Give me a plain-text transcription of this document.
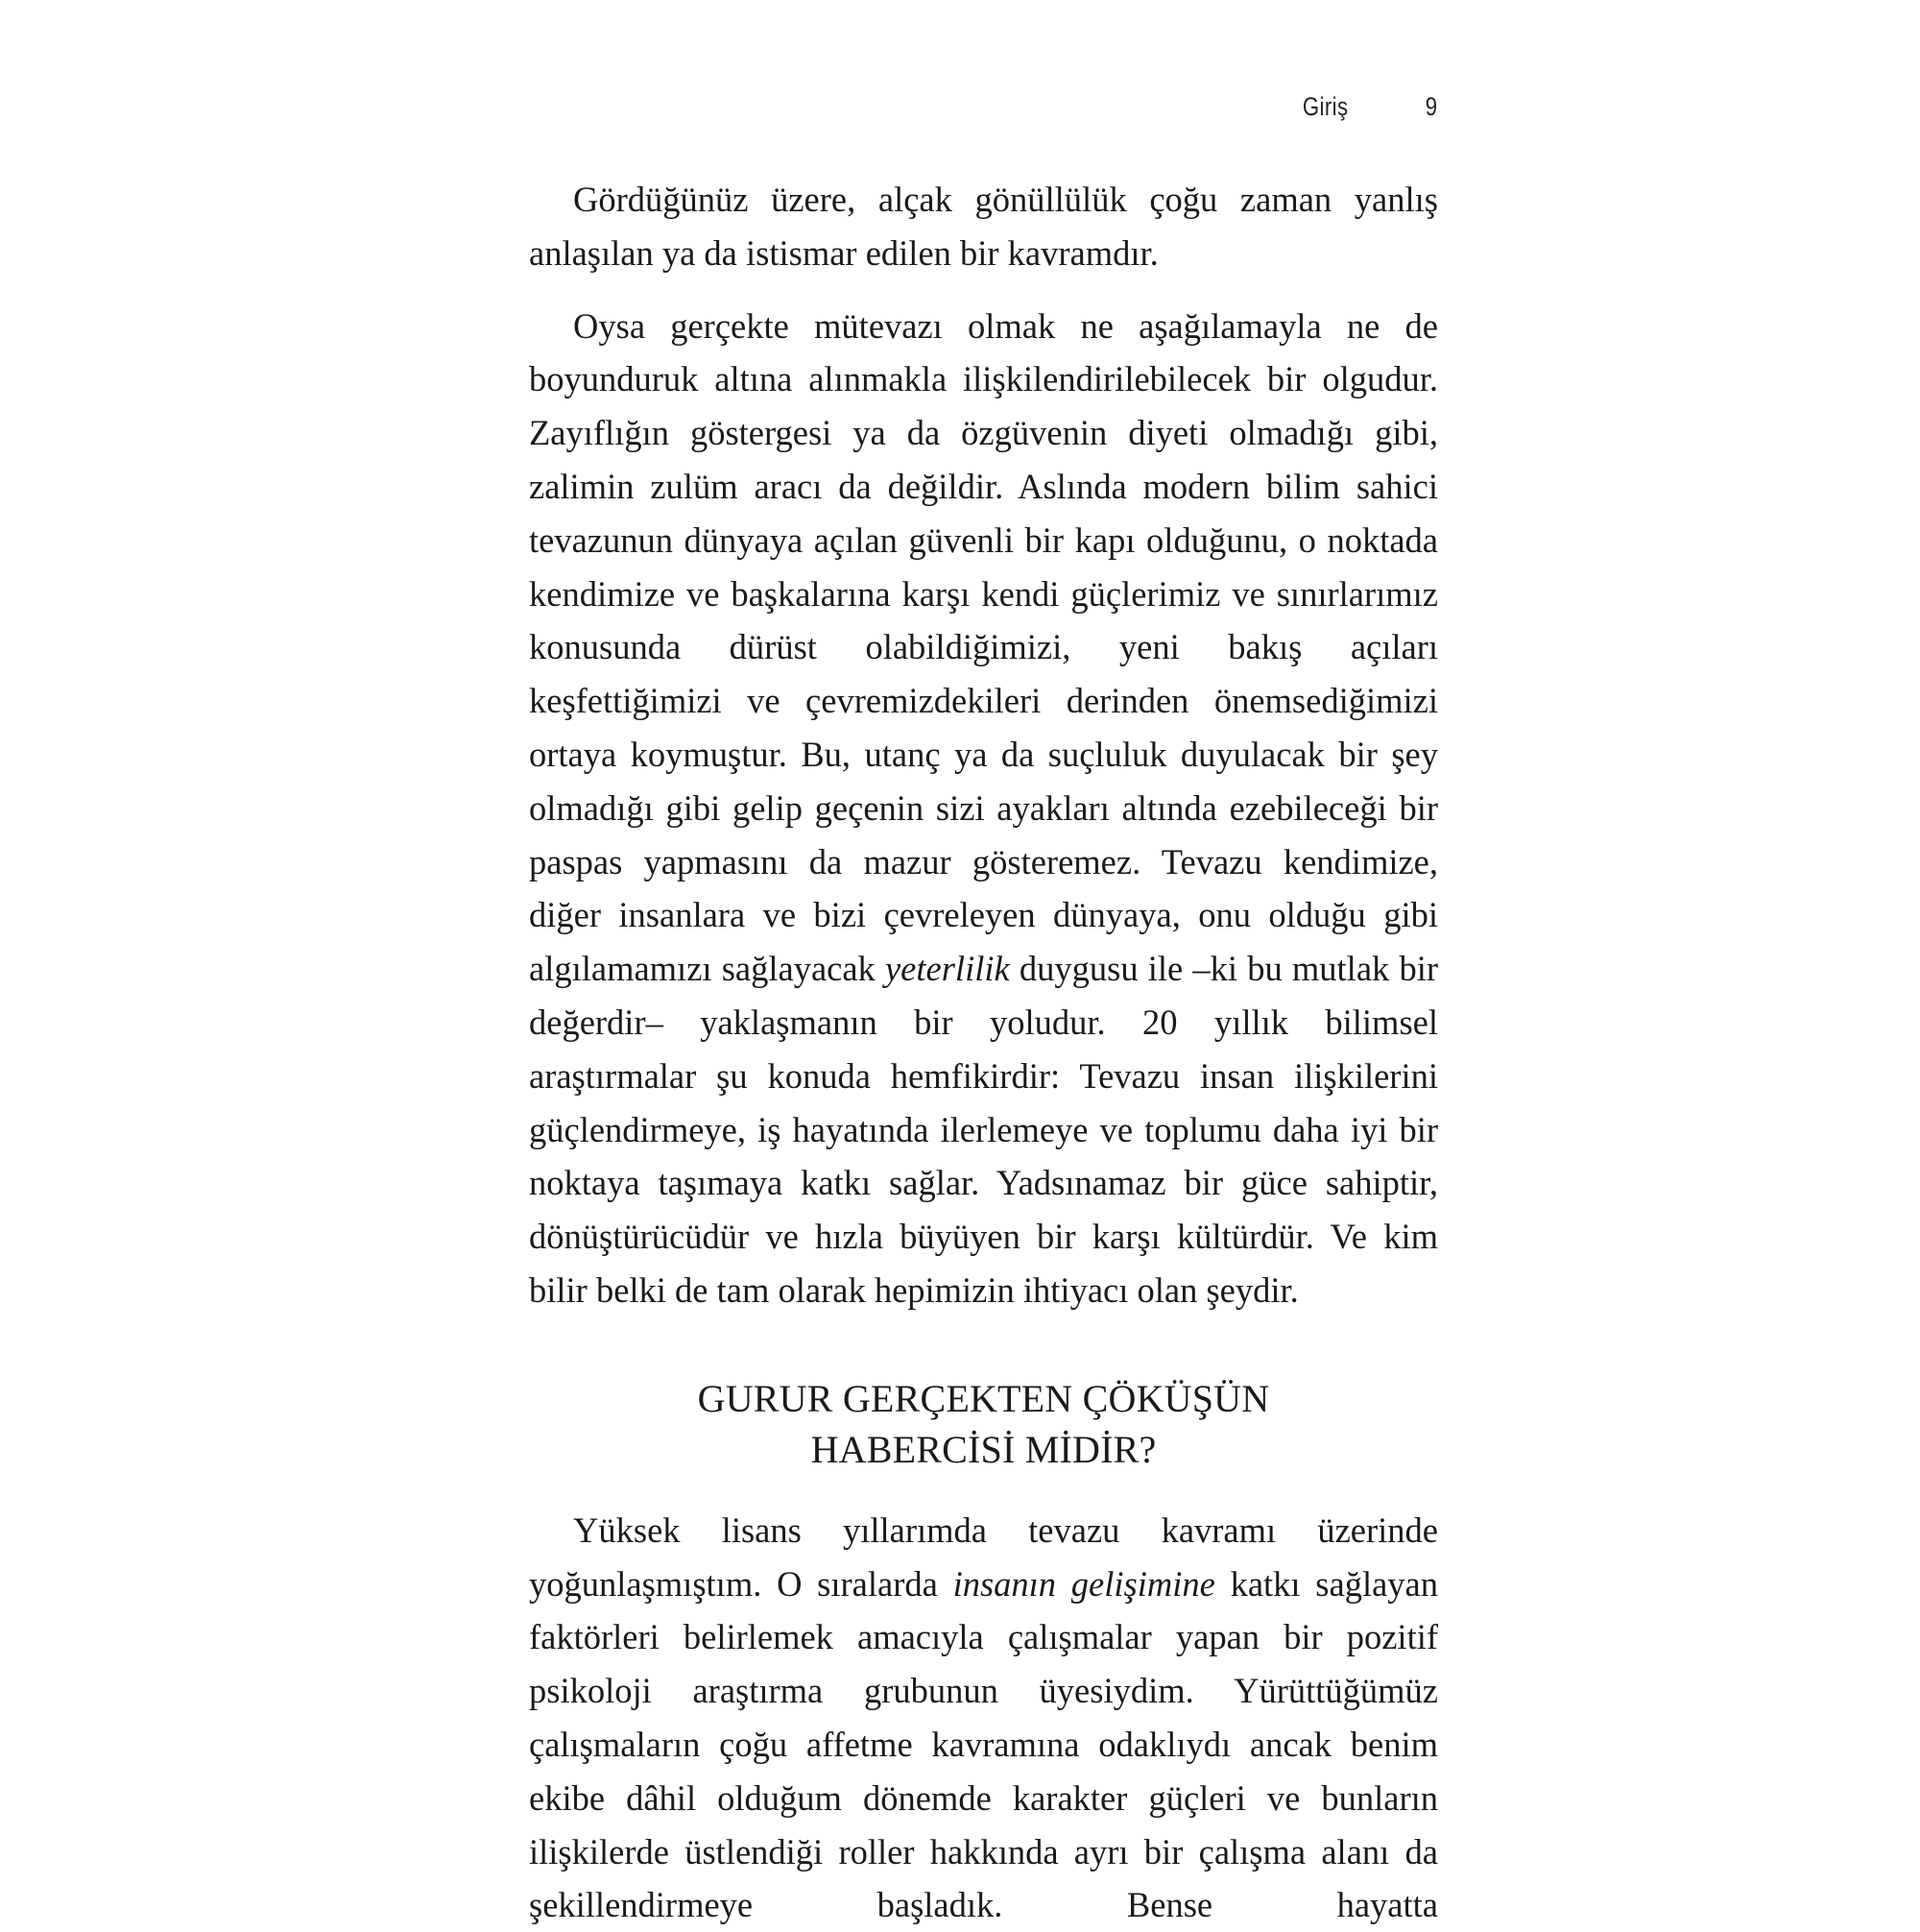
Giriş	9

Gördüğünüz üzere, alçak gönüllülük çoğu zaman yanlış anlaşılan ya da istismar edilen bir kavramdır.

Oysa gerçekte mütevazı olmak ne aşağılamayla ne de boyunduruk altına alınmakla ilişkilendirilebilecek bir olgudur. Zayıflığın göstergesi ya da özgüvenin diyeti olmadığı gibi, zalimin zulüm aracı da değildir. Aslında modern bilim sahici tevazunun dünyaya açılan güvenli bir kapı olduğunu, o noktada kendimize ve başkalarına karşı kendi güçlerimiz ve sınırlarımız konusunda dürüst olabildiğimizi, yeni bakış açıları keşfettiğimizi ve çevremizdekileri derinden önemsediğimizi ortaya koymuştur. Bu, utanç ya da suçluluk duyulacak bir şey olmadığı gibi gelip geçenin sizi ayakları altında ezebileceği bir paspas yapmasını da mazur gösteremez. Tevazu kendimize, diğer insanlara ve bizi çevreleyen dünyaya, onu olduğu gibi algılamamızı sağlayacak yeterlilik duygusu ile –ki bu mutlak bir değerdir– yaklaşmanın bir yoludur. 20 yıllık bilimsel araştırmalar şu konuda hemfikirdir: Tevazu insan ilişkilerini güçlendirmeye, iş hayatında ilerlemeye ve toplumu daha iyi bir noktaya taşımaya katkı sağlar. Yadsınamaz bir güce sahiptir, dönüştürücüdür ve hızla büyüyen bir karşı kültürdür. Ve kim bilir belki de tam olarak hepimizin ihtiyacı olan şeydir.

GURUR GERÇEKTEN ÇÖKÜŞÜN
HABERCİSİ MİDİR?

Yüksek lisans yıllarımda tevazu kavramı üzerinde yoğunlaşmıştım. O sıralarda insanın gelişimine katkı sağlayan faktörleri belirlemek amacıyla çalışmalar yapan bir pozitif psikoloji araştırma grubunun üyesiydim. Yürüttüğümüz çalışmaların çoğu affetme kavramına odaklıydı ancak benim ekibe dâhil olduğum dönemde karakter güçleri ve bunların ilişkilerde üstlendiği roller hakkında ayrı bir çalışma alanı da şekillendirmeye başladık. Bense hayatta
